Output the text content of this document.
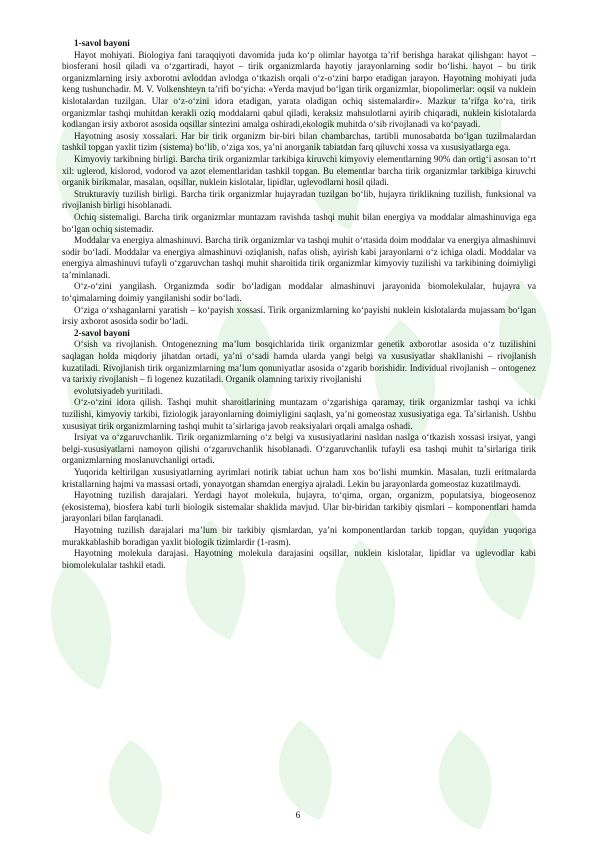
1-savol bayoni

Hayot mohiyati. Biologiya fani taraqqiyoti davomida juda koʻp olimlar hayotga taʼrif berishga harakat qilishgan: hayot – biosferani hosil qiladi va oʻzgartiradi, hayot – tirik organizmlarda hayotiy jarayonlarning sodir boʻlishi. hayot – bu tirik organizmlarning irsiy axborotni avloddan avlodga oʻtkazish orqali oʻz-oʻzini barpo etadigan jarayon. Hayotning mohiyati juda keng tushunchadir. M. V. Volkenshteyn taʼrifi boʻyicha: «Yerda mavjud boʻlgan tirik organizmlar, biopolimerlar: oqsil va nuklein kislotalardan tuzilgan. Ular oʻz-oʻzini idora etadigan, yarata oladigan ochiq sistemalardir». Mazkur taʼrifga koʻra, tirik organizmlar tashqi muhitdan kerakli oziq moddalarni qabul qiladi, keraksiz mahsulotlarni ayirib chiqaradi, nuklein kislotalarda kodlangan irsiy axborot asosida oqsillar sintezini amalga oshiradi,ekologik muhitda oʻsib rivojlanadi va koʻpayadi.

Hayotning asosiy xossalari. Har bir tirik organizm bir-biri bilan chambarchas, tartibli munosabatda boʻlgan tuzilmalardan tashkil topgan yaxlit tizim (sistema) boʻlib, oʻziga xos, yaʼni anorganik tabiatdan farq qiluvchi xossa va xususiyatlarga ega.

Kimyoviy tarkibning birligi. Barcha tirik organizmlar tarkibiga kiruvchi kimyoviy elementlarning 90% dan ortigʻi asosan toʻrt xil: uglerod, kislorod, vodorod va azot elementlaridan tashkil topgan. Bu elementlar barcha tirik organizmlar tarkibiga kiruvchi organik birikmalar, masalan, oqsillar, nuklein kislotalar, lipidlar, uglevodlarni hosil qiladi.

Strukturaviy tuzilish birligi. Barcha tirik organizmlar hujayradan tuzilgan boʻlib, hujayra tiriklikning tuzilish, funksional va rivojlanish birligi hisoblanadi.

Ochiq sistemaligi. Barcha tirik organizmlar muntazam ravishda tashqi muhit bilan energiya va moddalar almashinuviga ega boʻlgan ochiq sistemadir.

Moddalar va energiya almashinuvi. Barcha tirik organizmlar va tashqi muhit oʻrtasida doim moddalar va energiya almashinuvi sodir boʻladi. Moddalar va energiya almashinuvi oziqlanish, nafas olish, ayirish kabi jarayonlarni oʻz ichiga oladi. Moddalar va energiya almashinuvi tufayli oʻzgaruvchan tashqi muhit sharoitida tirik organizmlar kimyoviy tuzilishi va tarkibining doimiyligi taʼminlanadi.

Oʻz-oʻzini yangilash. Organizmda sodir boʻladigan moddalar almashinuvi jarayonida biomolekulalar, hujayra va toʻqimalarning doimiy yangilanishi sodir boʻladi.

Oʻziga oʻxshaganlarni yaratish – koʻpayish xossasi. Tirik organizmlarning koʻpayishi nuklein kislotalarda mujassam boʻlgan irsiy axborot asosida sodir boʻladi.

2-savol bayoni

Oʻsish va rivojlanish. Ontogenezning maʼlum bosqichlarida tirik organizmlar genetik axborotlar asosida oʻz tuzilishini saqlagan holda miqdoriy jihatdan ortadi, yaʼni oʻsadi hamda ularda yangi belgi va xususiyatlar shakllanishi – rivojlanish kuzatiladi. Rivojlanish tirik organizmlarning maʼlum qonuniyatlar asosida oʻzgarib borishidir. Individual rivojlanish – ontogenez va tarixiy rivojlanish – fi logenez kuzatiladi. Organik olamning tarixiy rivojlanishi

evolutsiyadeb yuritiladi.

Oʻz-oʻzini idora qilish. Tashqi muhit sharoitlarining muntazam oʻzgarishiga qaramay, tirik organizmlar tashqi va ichki tuzilishi, kimyoviy tarkibi, fiziologik jarayonlarning doimiyligini saqlash, yaʼni gomeostaz xususiyatiga ega. Taʼsirlanish. Ushbu xususiyat tirik organizmlarning tashqi muhit taʼsirlariga javob reaksiyalari orqali amalga oshadi.

Irsiyat va oʻzgaruvchanlik. Tirik organizmlarning oʻz belgi va xususiyatlarini nasldan naslga oʻtkazish xossasi irsiyat, yangi belgi-xususiyatlarni namoyon qilishi oʻzgaruvchanlik hisoblanadi. Oʻzgaruvchanlik tufayli esa tashqi muhit taʼsirlariga tirik organizmlarning moslanuvchanligi ortadi.

Yuqorida keltirilgan xususiyatlarning ayrimlari notirik tabiat uchun ham xos boʻlishi mumkin. Masalan, tuzli eritmalarda kristallarning hajmi va massasi ortadi, yonayotgan shamdan energiya ajraladi. Lekin bu jarayonlarda gomeostaz kuzatilmaydi.

Hayotning tuzilish darajalari. Yerdagi hayot molekula, hujayra, toʻqima, organ, organizm, populatsiya, biogeosenoz (ekosistema), biosfera kabi turli biologik sistemalar shaklida mavjud. Ular bir-biridan tarkibiy qismlari – komponentlari hamda jarayonlari bilan farqlanadi.

Hayotning tuzilish darajalari maʼlum bir tarkibiy qismlardan, yaʼni komponentlardan tarkib topgan, quyidan yuqoriga murakkablashib boradigan yaxlit biologik tizimlardir (1-rasm).

Hayotning molekula darajasi. Hayotning molekula darajasini oqsillar, nuklein kislotalar, lipidlar va uglevodlar kabi biomolekulalar tashkil etadi.

6
